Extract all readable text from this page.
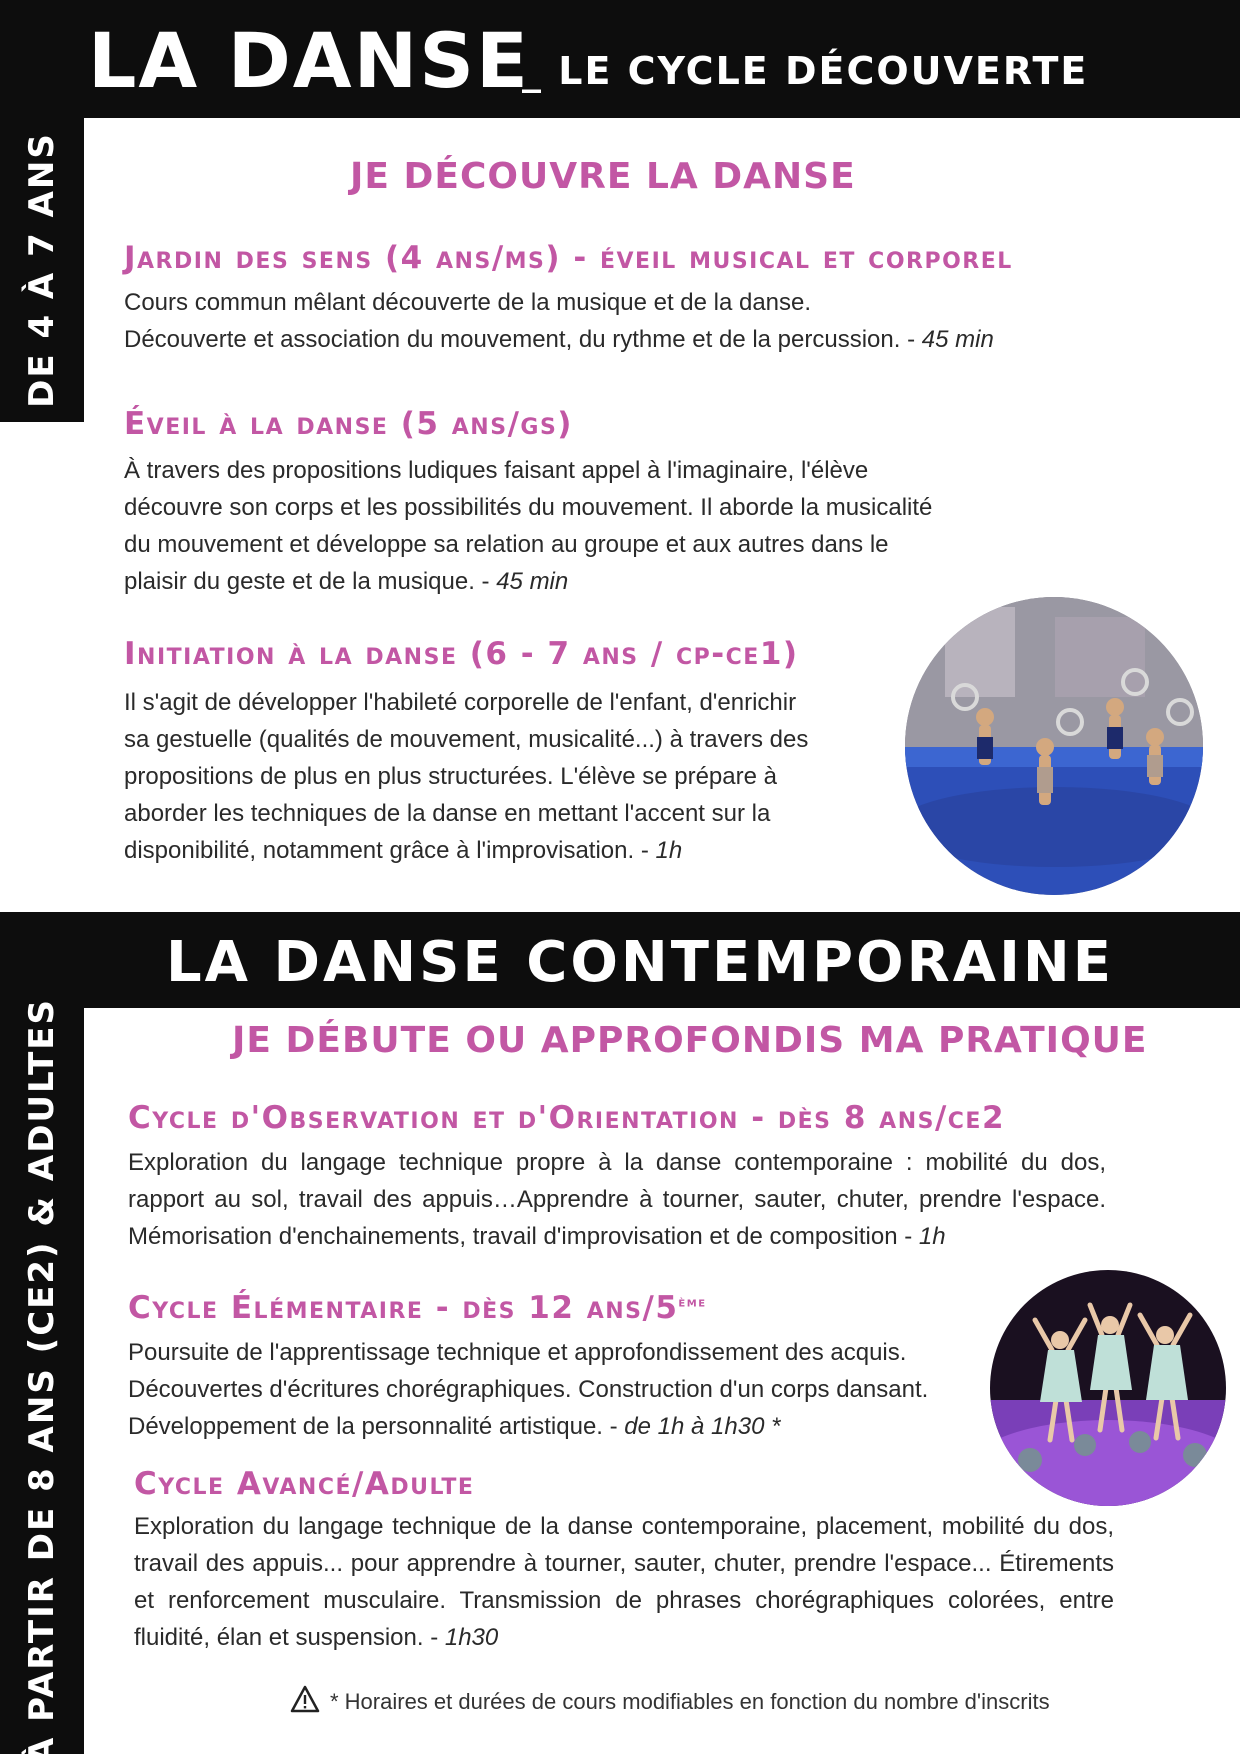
LA DANSE
_ LE CYCLE DÉCOUVERTE
DE 4 À 7 ANS	JE DÉCOUVRE LA DANSE
Jardin des sens (4 ans/ms) - éveil musical et corporel
Cours commun mêlant découverte de la musique et de la danse.
Découverte et association du mouvement, du rythme et de la percussion. - 45 min
Éveil à la danse (5 ans/gs)
À travers des propositions ludiques faisant appel à l'imaginaire, l'élève
découvre son corps et les possibilités du mouvement. Il aborde la musicalité
du mouvement et développe sa relation au groupe et aux autres dans le
plaisir du geste et de la musique. - 45 min
Initiation à la danse (6 - 7 ans / cp-ce1)
Il s'agit de développer l'habileté corporelle de l'enfant, d'enrichir
sa gestuelle (qualités de mouvement, musicalité...) à travers des
propositions de plus en plus structurées. L'élève se prépare à
aborder les techniques de la danse en mettant l'accent sur la
disponibilité, notamment grâce à l'improvisation. - 1h
LA DANSE CONTEMPORAINE
À PARTIR DE 8 ANS (CE2) & ADULTES	JE DÉBUTE OU APPROFONDIS MA PRATIQUE
Cycle d'Observation et d'Orientation - dès 8 ans/ce2
Exploration du langage technique propre à la danse contemporaine : mobilité du dos, rapport au sol, travail des appuis…Apprendre à tourner, sauter, chuter, prendre l'espace. Mémorisation d'enchainements, travail d'improvisation et de composition - 1h
Cycle Élémentaire - dès 12 ans/5ème
Poursuite de l'apprentissage technique et approfondissement des acquis.
Découvertes d'écritures chorégraphiques. Construction d'un corps dansant.
Développement de la personnalité artistique. - de 1h à 1h30 *
Cycle Avancé/Adulte
Exploration du langage technique de la danse contemporaine, placement, mobilité du dos, travail des appuis... pour apprendre à tourner, sauter, chuter, prendre l'espace... Étirements et renforcement musculaire. Transmission de phrases chorégraphiques colorées, entre fluidité, élan et suspension. - 1h30
* Horaires et durées de cours modifiables en fonction du nombre d'inscrits
